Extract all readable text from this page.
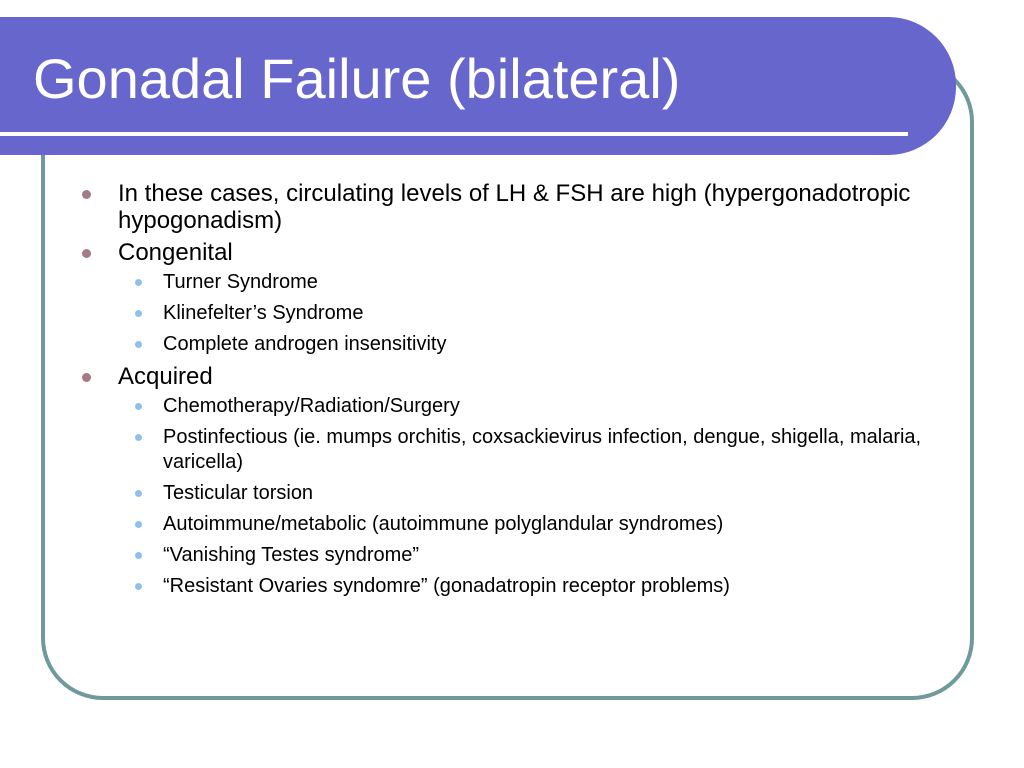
Gonadal Failure (bilateral)
In these cases, circulating levels of LH & FSH are high (hypergonadotropic hypogonadism)
Congenital
Turner Syndrome
Klinefelter’s Syndrome
Complete androgen insensitivity
Acquired
Chemotherapy/Radiation/Surgery
Postinfectious (ie. mumps orchitis, coxsackievirus infection, dengue, shigella, malaria, varicella)
Testicular torsion
Autoimmune/metabolic (autoimmune polyglandular syndromes)
“Vanishing Testes syndrome”
“Resistant Ovaries syndomre” (gonadatropin receptor problems)
